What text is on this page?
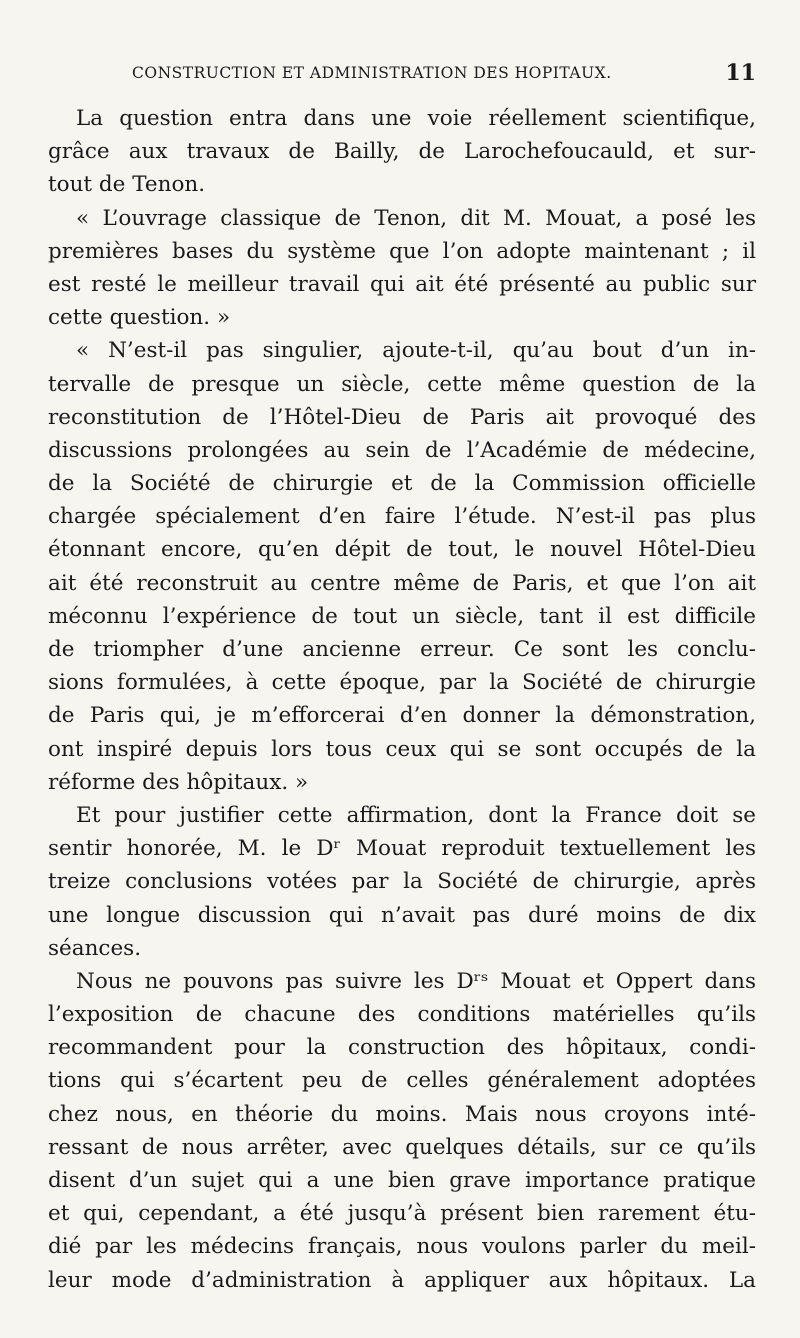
CONSTRUCTION ET ADMINISTRATION DES HOPITAUX.	11
La question entra dans une voie réellement scientifique,
grâce aux travaux de Bailly, de Larochefoucauld, et sur-
tout de Tenon.
« L’ouvrage classique de Tenon, dit M. Mouat, a posé les
premières bases du système que l’on adopte maintenant ; il
est resté le meilleur travail qui ait été présenté au public sur
cette question. »
« N’est-il pas singulier, ajoute-t-il, qu’au bout d’un in-
tervalle de presque un siècle, cette même question de la
reconstitution de l’Hôtel-Dieu de Paris ait provoqué des
discussions prolongées au sein de l’Académie de médecine,
de la Société de chirurgie et de la Commission officielle
chargée spécialement d’en faire l’étude. N’est-il pas plus
étonnant encore, qu’en dépit de tout, le nouvel Hôtel-Dieu
ait été reconstruit au centre même de Paris, et que l’on ait
méconnu l’expérience de tout un siècle, tant il est difficile
de triompher d’une ancienne erreur. Ce sont les conclu-
sions formulées, à cette époque, par la Société de chirurgie
de Paris qui, je m’efforcerai d’en donner la démonstration,
ont inspiré depuis lors tous ceux qui se sont occupés de la
réforme des hôpitaux. »
Et pour justifier cette affirmation, dont la France doit se
sentir honorée, M. le Dʳ Mouat reproduit textuellement les
treize conclusions votées par la Société de chirurgie, après
une longue discussion qui n’avait pas duré moins de dix
séances.
Nous ne pouvons pas suivre les Dʳˢ Mouat et Oppert dans
l’exposition de chacune des conditions matérielles qu’ils
recommandent pour la construction des hôpitaux, condi-
tions qui s’écartent peu de celles généralement adoptées
chez nous, en théorie du moins. Mais nous croyons inté-
ressant de nous arrêter, avec quelques détails, sur ce qu’ils
disent d’un sujet qui a une bien grave importance pratique
et qui, cependant, a été jusqu’à présent bien rarement étu-
dié par les médecins français, nous voulons parler du meil-
leur mode d’administration à appliquer aux hôpitaux. La
